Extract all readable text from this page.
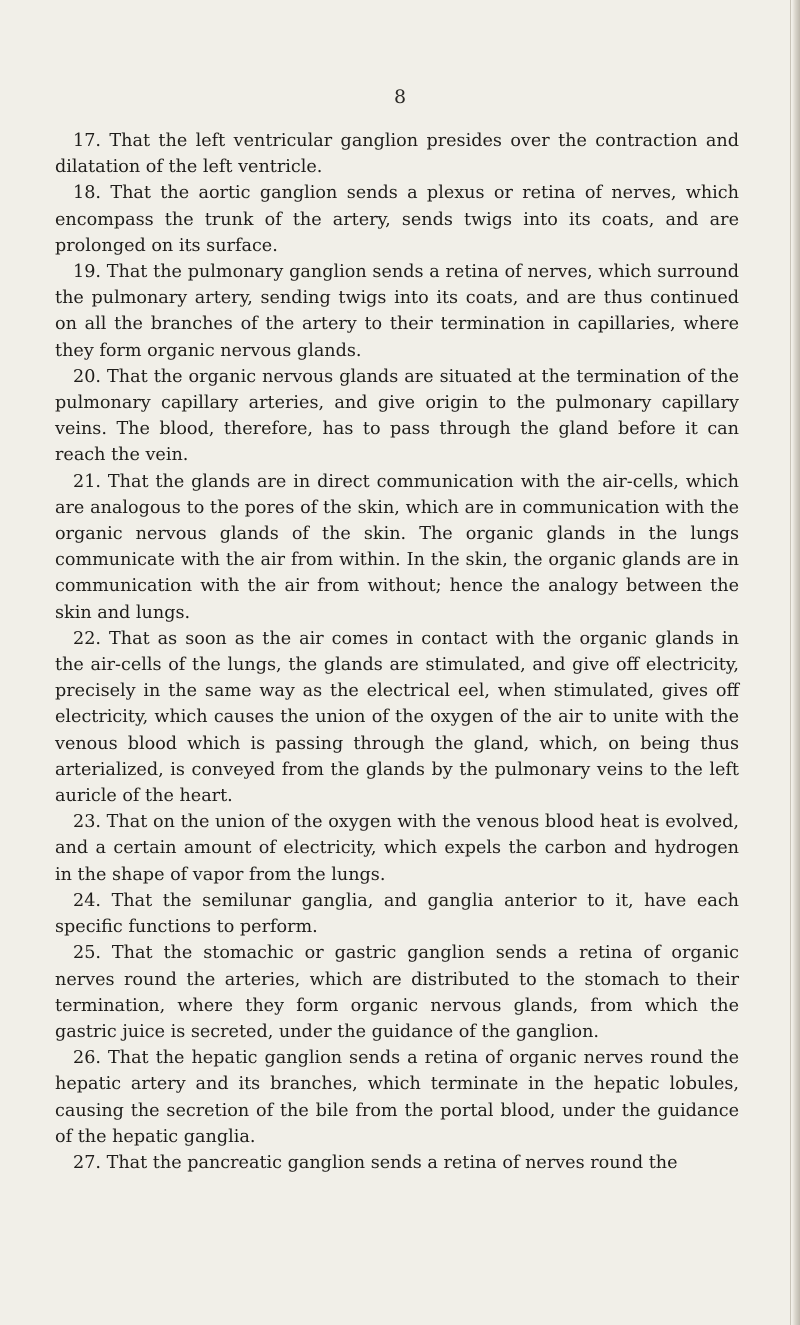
8

17. That the left ventricular ganglion presides over the contraction and dilatation of the left ventricle.

18. That the aortic ganglion sends a plexus or retina of nerves, which encompass the trunk of the artery, sends twigs into its coats, and are prolonged on its surface.

19. That the pulmonary ganglion sends a retina of nerves, which surround the pulmonary artery, sending twigs into its coats, and are thus continued on all the branches of the artery to their termination in capillaries, where they form organic nervous glands.

20. That the organic nervous glands are situated at the termination of the pulmonary capillary arteries, and give origin to the pulmonary capillary veins. The blood, therefore, has to pass through the gland before it can reach the vein.

21. That the glands are in direct communication with the air-cells, which are analogous to the pores of the skin, which are in communication with the organic nervous glands of the skin. The organic glands in the lungs communicate with the air from within. In the skin, the organic glands are in communication with the air from without; hence the analogy between the skin and lungs.

22. That as soon as the air comes in contact with the organic glands in the air-cells of the lungs, the glands are stimulated, and give off electricity, precisely in the same way as the electrical eel, when stimulated, gives off electricity, which causes the union of the oxygen of the air to unite with the venous blood which is passing through the gland, which, on being thus arterialized, is conveyed from the glands by the pulmonary veins to the left auricle of the heart.

23. That on the union of the oxygen with the venous blood heat is evolved, and a certain amount of electricity, which expels the carbon and hydrogen in the shape of vapor from the lungs.

24. That the semilunar ganglia, and ganglia anterior to it, have each specific functions to perform.

25. That the stomachic or gastric ganglion sends a retina of organic nerves round the arteries, which are distributed to the stomach to their termination, where they form organic nervous glands, from which the gastric juice is secreted, under the guidance of the ganglion.

26. That the hepatic ganglion sends a retina of organic nerves round the hepatic artery and its branches, which terminate in the hepatic lobules, causing the secretion of the bile from the portal blood, under the guidance of the hepatic ganglia.

27. That the pancreatic ganglion sends a retina of nerves round the
